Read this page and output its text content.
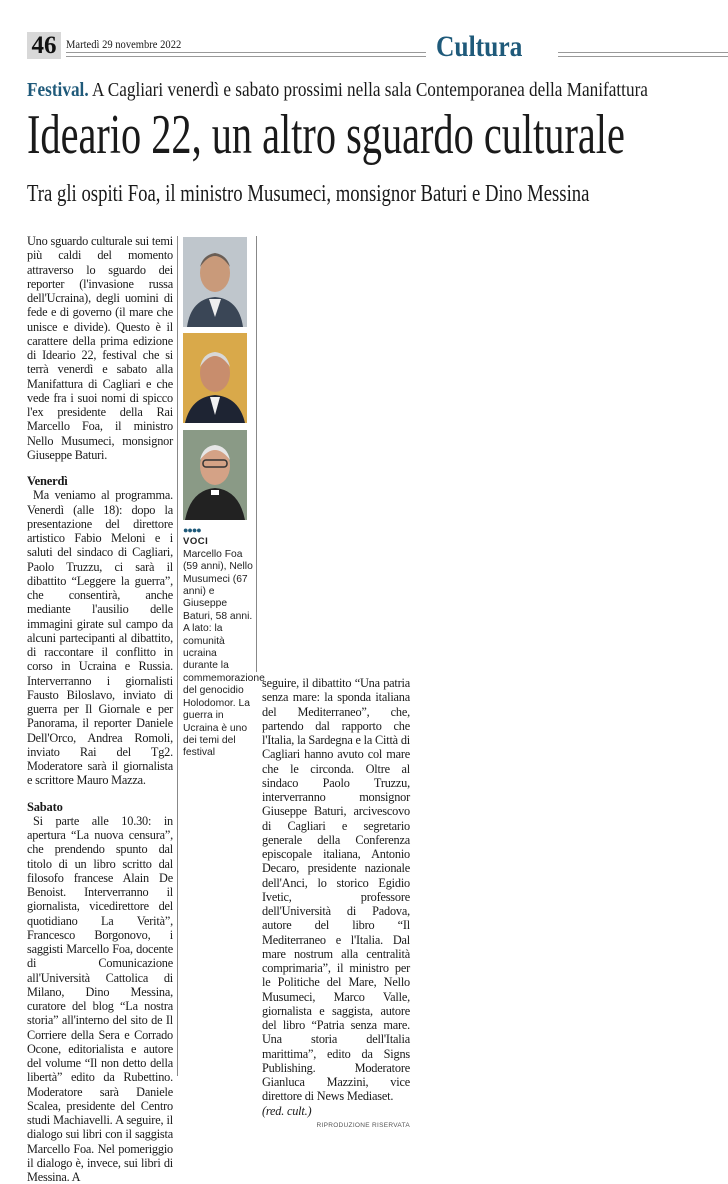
46 Martedì 29 novembre 2022	Cultura
Festival. A Cagliari venerdì e sabato prossimi nella sala Contemporanea della Manifattura
Ideario 22, un altro sguardo culturale
Tra gli ospiti Foa, il ministro Musumeci, monsignor Baturi e Dino Messina

Uno sguardo culturale sui temi più caldi del momento attraverso lo sguardo dei reporter (l'invasione russa dell'Ucraina), degli uomini di fede e di governo (il mare che unisce e divide). Questo è il carattere della prima edizione di Ideario 22, festival che si terrà venerdì e sabato alla Manifattura di Cagliari e che vede fra i suoi nomi di spicco l'ex presidente della Rai Marcello Foa, il ministro Nello Musumeci, monsignor Giuseppe Baturi.

Venerdì

Ma veniamo al programma. Venerdì (alle 18): dopo la presentazione del direttore artistico Fabio Meloni e i saluti del sindaco di Cagliari, Paolo Truzzu, ci sarà il dibattito “Leggere la guerra”, che consentirà, anche mediante l'ausilio delle immagini girate sul campo da alcuni partecipanti al dibattito, di raccontare il conflitto in corso in Ucraina e Russia. Interverranno i giornalisti Fausto Biloslavo, inviato di guerra per Il Giornale e per Panorama, il reporter Daniele Dell'Orco, Andrea Romoli, inviato Rai del Tg2. Moderatore sarà il giornalista e scrittore Mauro Mazza.

Sabato

Si parte alle 10.30: in apertura “La nuova censura”, che prendendo spunto dal titolo di un libro scritto dal filosofo francese Alain De Benoist. Interverranno il giornalista, vicedirettore del quotidiano La Verità”, Francesco Borgonovo, i saggisti Marcello Foa, docente di Comunicazione all'Università Cattolica di Milano, Dino Messina, curatore del blog “La nostra storia” all'interno del sito de Il Corriere della Sera e Corrado Ocone, editorialista e autore del volume “Il non detto della libertà” edito da Rubettino. Moderatore sarà Daniele Scalea, presidente del Centro studi Machiavelli. A seguire, il dialogo sui libri con il saggista Marcello Foa. Nel pomeriggio il dialogo è, invece, sui libri di Messina. A

●●●●
VOCI
Marcello Foa (59 anni), Nello Musumeci (67 anni) e Giuseppe Baturi, 58 anni. A lato: la comunità ucraina durante la commemorazione del genocidio Holodomor. La guerra in Ucraina è uno dei temi del festival

seguire, il dibattito “Una patria senza mare: la sponda italiana del Mediterraneo”, che, partendo dal rapporto che l'Italia, la Sardegna e la Città di Cagliari hanno avuto col mare che le circonda. Oltre al sindaco Paolo Truzzu, interverranno monsignor Giuseppe Baturi, arcivescovo di Cagliari e segretario generale della Conferenza episcopale italiana, Antonio Decaro, presidente nazionale dell'Anci, lo storico Egidio Ivetic, professore dell'Università di Padova, autore del libro “Il Mediterraneo e l'Italia. Dal mare nostrum alla centralità comprimaria”, il ministro per le Politiche del Mare, Nello Musumeci, Marco Valle, giornalista e saggista, autore del libro “Patria senza mare. Una storia dell'Italia marittima”, edito da Signs Publishing. Moderatore Gianluca Mazzini, vice direttore di News Mediaset.

(red. cult.)

RIPRODUZIONE RISERVATA
